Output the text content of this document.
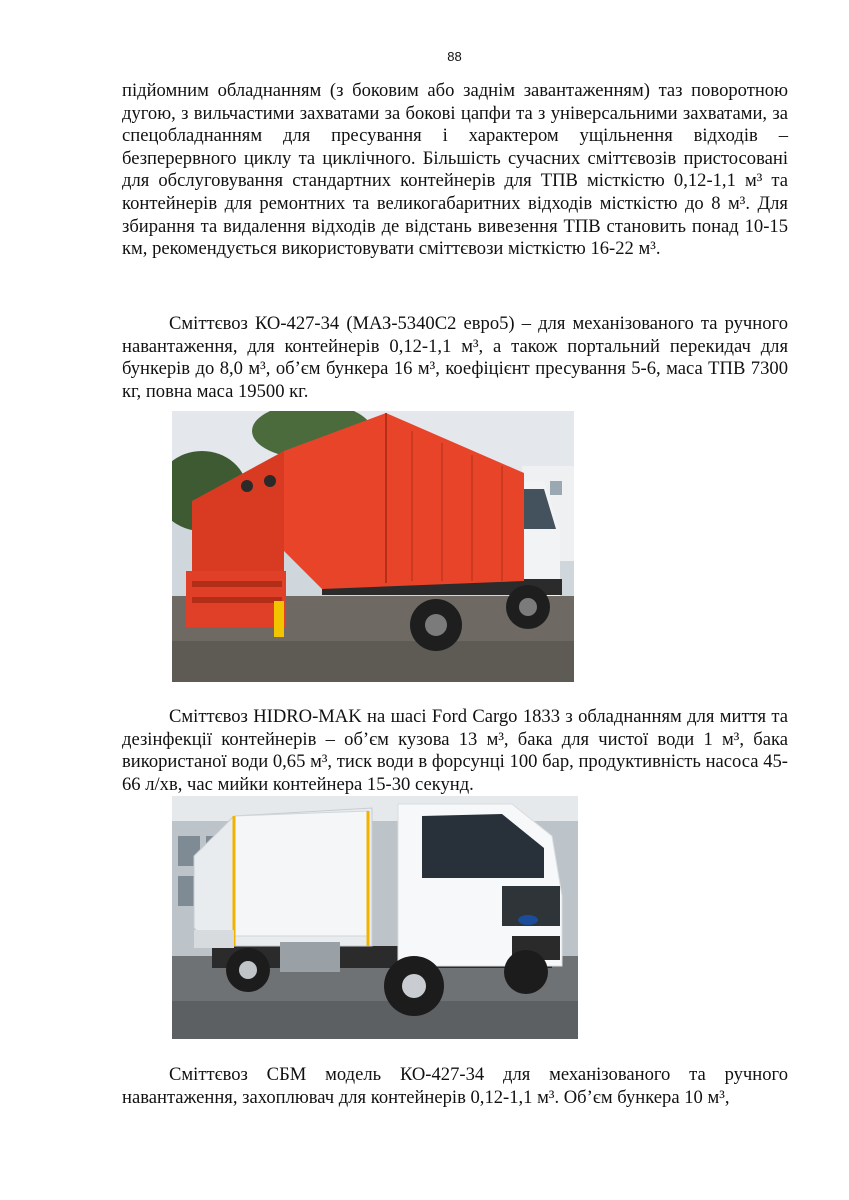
88

підйомним обладнанням (з боковим або заднім завантаженням) таз поворотною дугою, з вильчастими захватами за бокові цапфи та з універсальними захватами, за спецобладнанням для пресування і характером ущільнення відходів – безперервного циклу та циклічного. Більшість сучасних сміттєвозів пристосовані для обслуговування стандартних контейнерів для ТПВ місткістю 0,12-1,1 м³ та контейнерів для ремонтних та великогабаритних відходів місткістю до 8 м³. Для збирання та видалення відходів де відстань вивезення ТПВ становить понад 10-15 км, рекомендується використовувати сміттєвози місткістю 16-22 м³.

Сміттєвоз КО-427-34 (МАЗ-5340С2 евро5) – для механізованого та ручного навантаження, для контейнерів 0,12-1,1 м³, а також портальний перекидач для бункерів до 8,0 м³, об’єм бункера 16 м³, коефіцієнт пресування 5-6, маса ТПВ 7300 кг, повна маса 19500 кг.

Сміттєвоз HIDRO-MAK на шасі Ford Cargo 1833 з обладнанням для миття та дезінфекції контейнерів – об’єм кузова 13 м³, бака для чистої води 1 м³, бака використаної води 0,65 м³, тиск води в форсунці 100 бар, продуктивність насоса 45-66 л/хв, час мийки контейнера 15-30 секунд.

Сміттєвоз СБМ модель КО-427-34 для механізованого та ручного навантаження, захоплювач для контейнерів 0,12-1,1 м³. Об’єм бункера 10 м³,
